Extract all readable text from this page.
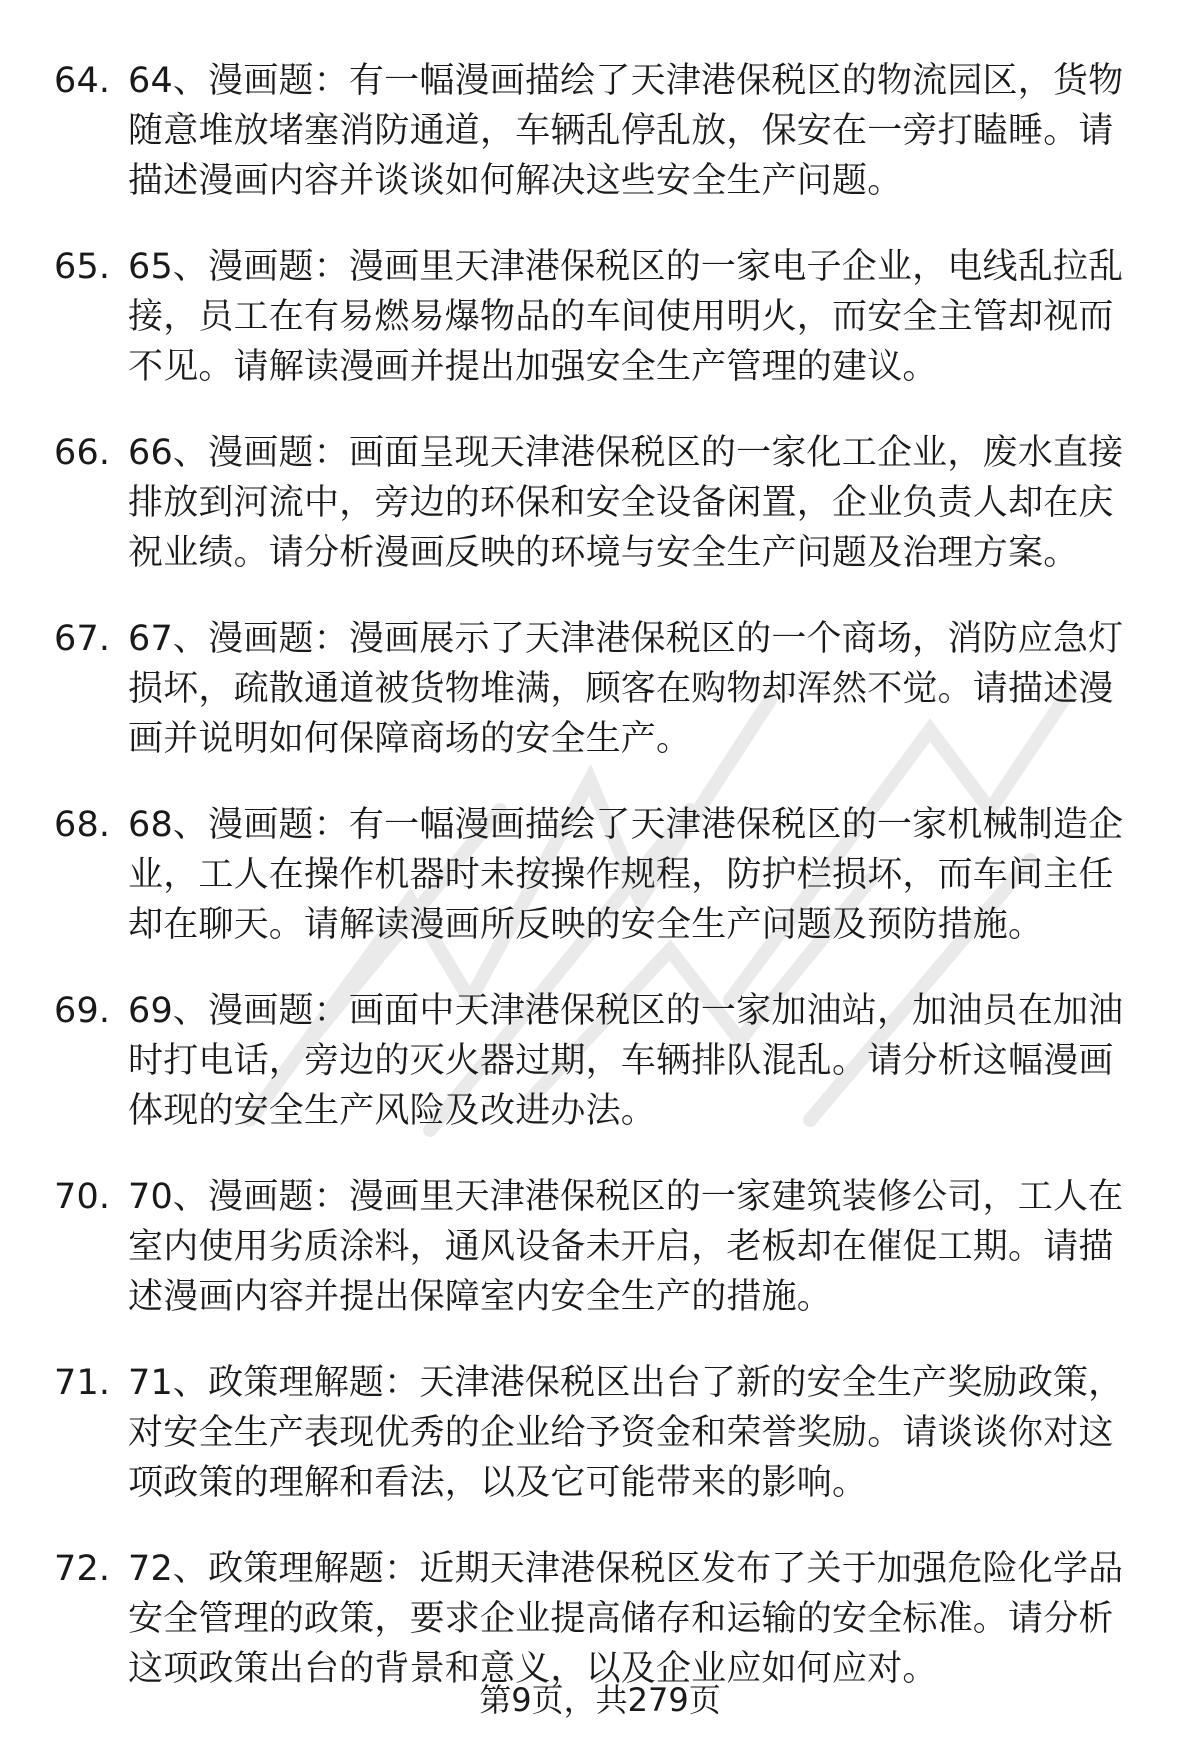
64. 64、漫画题：有一幅漫画描绘了天津港保税区的物流园区，货物随意堆放堵塞消防通道，车辆乱停乱放，保安在一旁打瞌睡。请描述漫画内容并谈谈如何解决这些安全生产问题。
65. 65、漫画题：漫画里天津港保税区的一家电子企业，电线乱拉乱接，员工在有易燃易爆物品的车间使用明火，而安全主管却视而不见。请解读漫画并提出加强安全生产管理的建议。
66. 66、漫画题：画面呈现天津港保税区的一家化工企业，废水直接排放到河流中，旁边的环保和安全设备闲置，企业负责人却在庆祝业绩。请分析漫画反映的环境与安全生产问题及治理方案。
67. 67、漫画题：漫画展示了天津港保税区的一个商场，消防应急灯损坏，疏散通道被货物堆满，顾客在购物却浑然不觉。请描述漫画并说明如何保障商场的安全生产。
68. 68、漫画题：有一幅漫画描绘了天津港保税区的一家机械制造企业，工人在操作机器时未按操作规程，防护栏损坏，而车间主任却在聊天。请解读漫画所反映的安全生产问题及预防措施。
69. 69、漫画题：画面中天津港保税区的一家加油站，加油员在加油时打电话，旁边的灭火器过期，车辆排队混乱。请分析这幅漫画体现的安全生产风险及改进办法。
70. 70、漫画题：漫画里天津港保税区的一家建筑装修公司，工人在室内使用劣质涂料，通风设备未开启，老板却在催促工期。请描述漫画内容并提出保障室内安全生产的措施。
71. 71、政策理解题：天津港保税区出台了新的安全生产奖励政策，对安全生产表现优秀的企业给予资金和荣誉奖励。请谈谈你对这项政策的理解和看法，以及它可能带来的影响。
72. 72、政策理解题：近期天津港保税区发布了关于加强危险化学品安全管理的政策，要求企业提高储存和运输的安全标准。请分析这项政策出台的背景和意义，以及企业应如何应对。
第9页，共279页
